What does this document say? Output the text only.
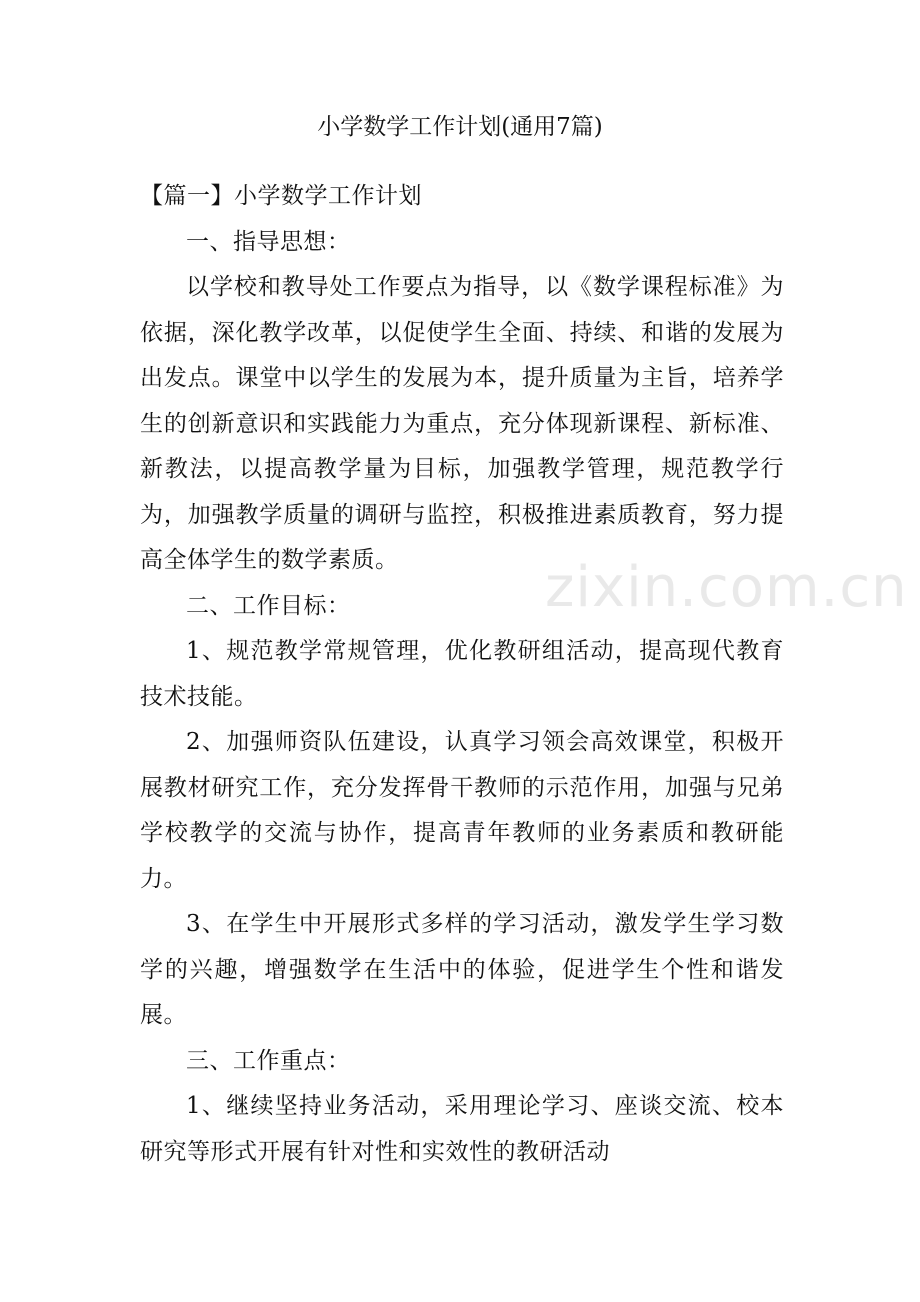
小学数学工作计划(通用7篇)
zixin.com.cn

【篇一】小学数学工作计划

一、指导思想：

以学校和教导处工作要点为指导，以《数学课程标准》为依据，深化教学改革，以促使学生全面、持续、和谐的发展为出发点。课堂中以学生的发展为本，提升质量为主旨，培养学生的创新意识和实践能力为重点，充分体现新课程、新标准、新教法，以提高教学量为目标，加强教学管理，规范教学行为，加强教学质量的调研与监控，积极推进素质教育，努力提高全体学生的数学素质。

二、工作目标：

1、规范教学常规管理，优化教研组活动，提高现代教育技术技能。

2、加强师资队伍建设，认真学习领会高效课堂，积极开展教材研究工作，充分发挥骨干教师的示范作用，加强与兄弟学校教学的交流与协作，提高青年教师的业务素质和教研能力。

3、在学生中开展形式多样的学习活动，激发学生学习数学的兴趣，增强数学在生活中的体验，促进学生个性和谐发展。

三、工作重点：

1、继续坚持业务活动，采用理论学习、座谈交流、校本研究等形式开展有针对性和实效性的教研活动
